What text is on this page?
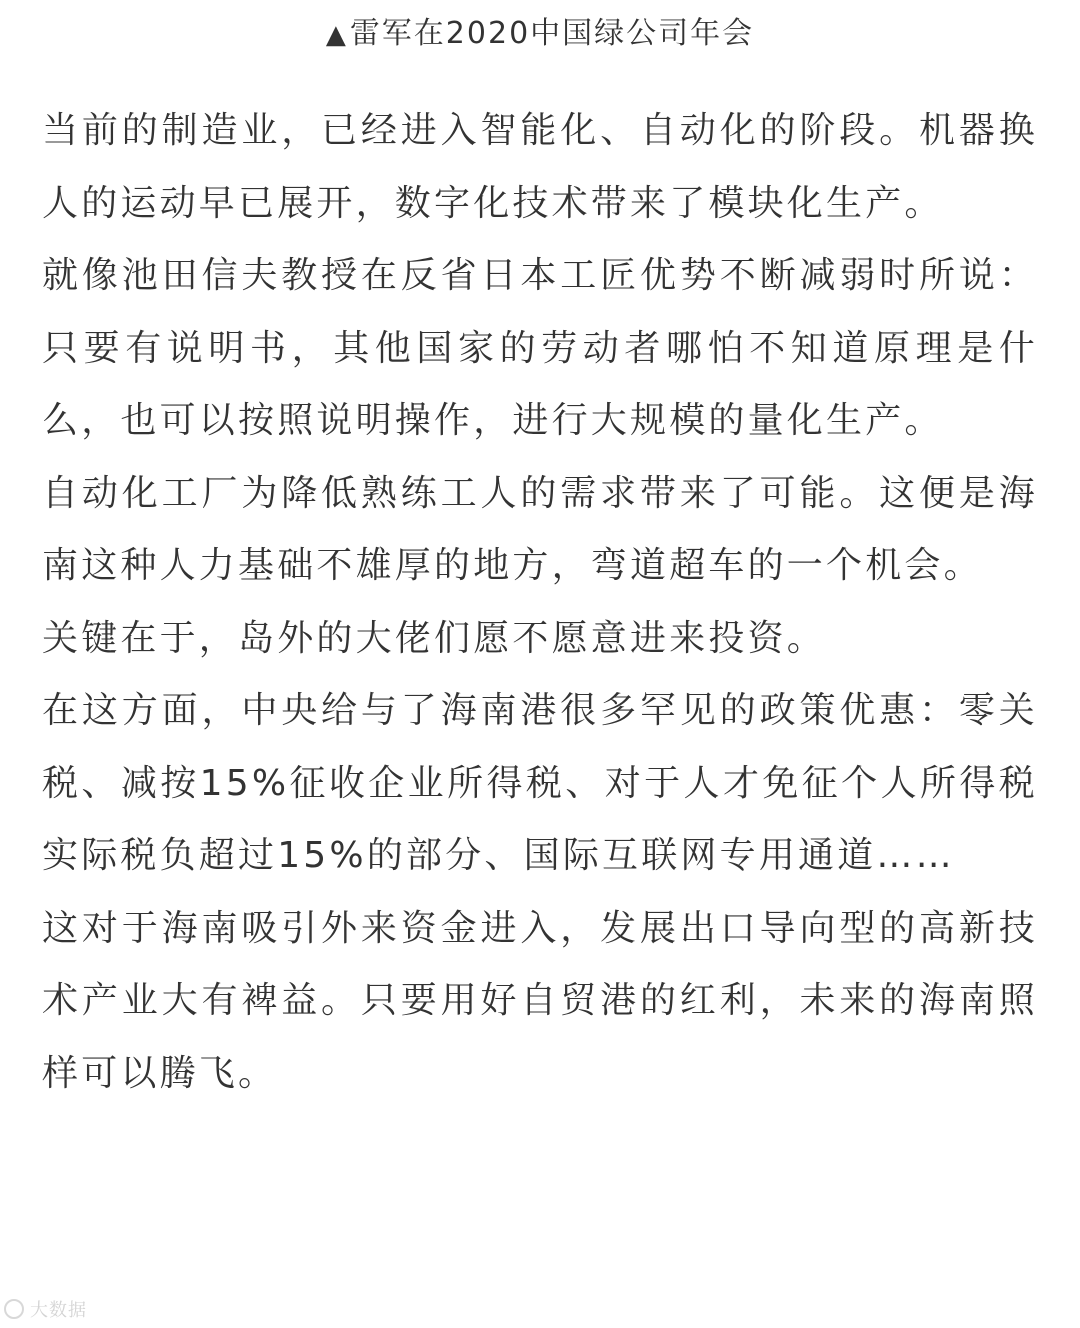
▲雷军在2020中国绿公司年会

当前的制造业，已经进入智能化、自动化的阶段。机器换人的运动早已展开，数字化技术带来了模块化生产。

就像池田信夫教授在反省日本工匠优势不断减弱时所说：只要有说明书，其他国家的劳动者哪怕不知道原理是什么，也可以按照说明操作，进行大规模的量化生产。

自动化工厂为降低熟练工人的需求带来了可能。这便是海南这种人力基础不雄厚的地方，弯道超车的一个机会。

关键在于，岛外的大佬们愿不愿意进来投资。

在这方面，中央给与了海南港很多罕见的政策优惠：零关税、减按15%征收企业所得税、对于人才免征个人所得税实际税负超过15%的部分、国际互联网专用通道……

这对于海南吸引外来资金进入，发展出口导向型的高新技术产业大有裨益。只要用好自贸港的红利，未来的海南照样可以腾飞。

大数据
